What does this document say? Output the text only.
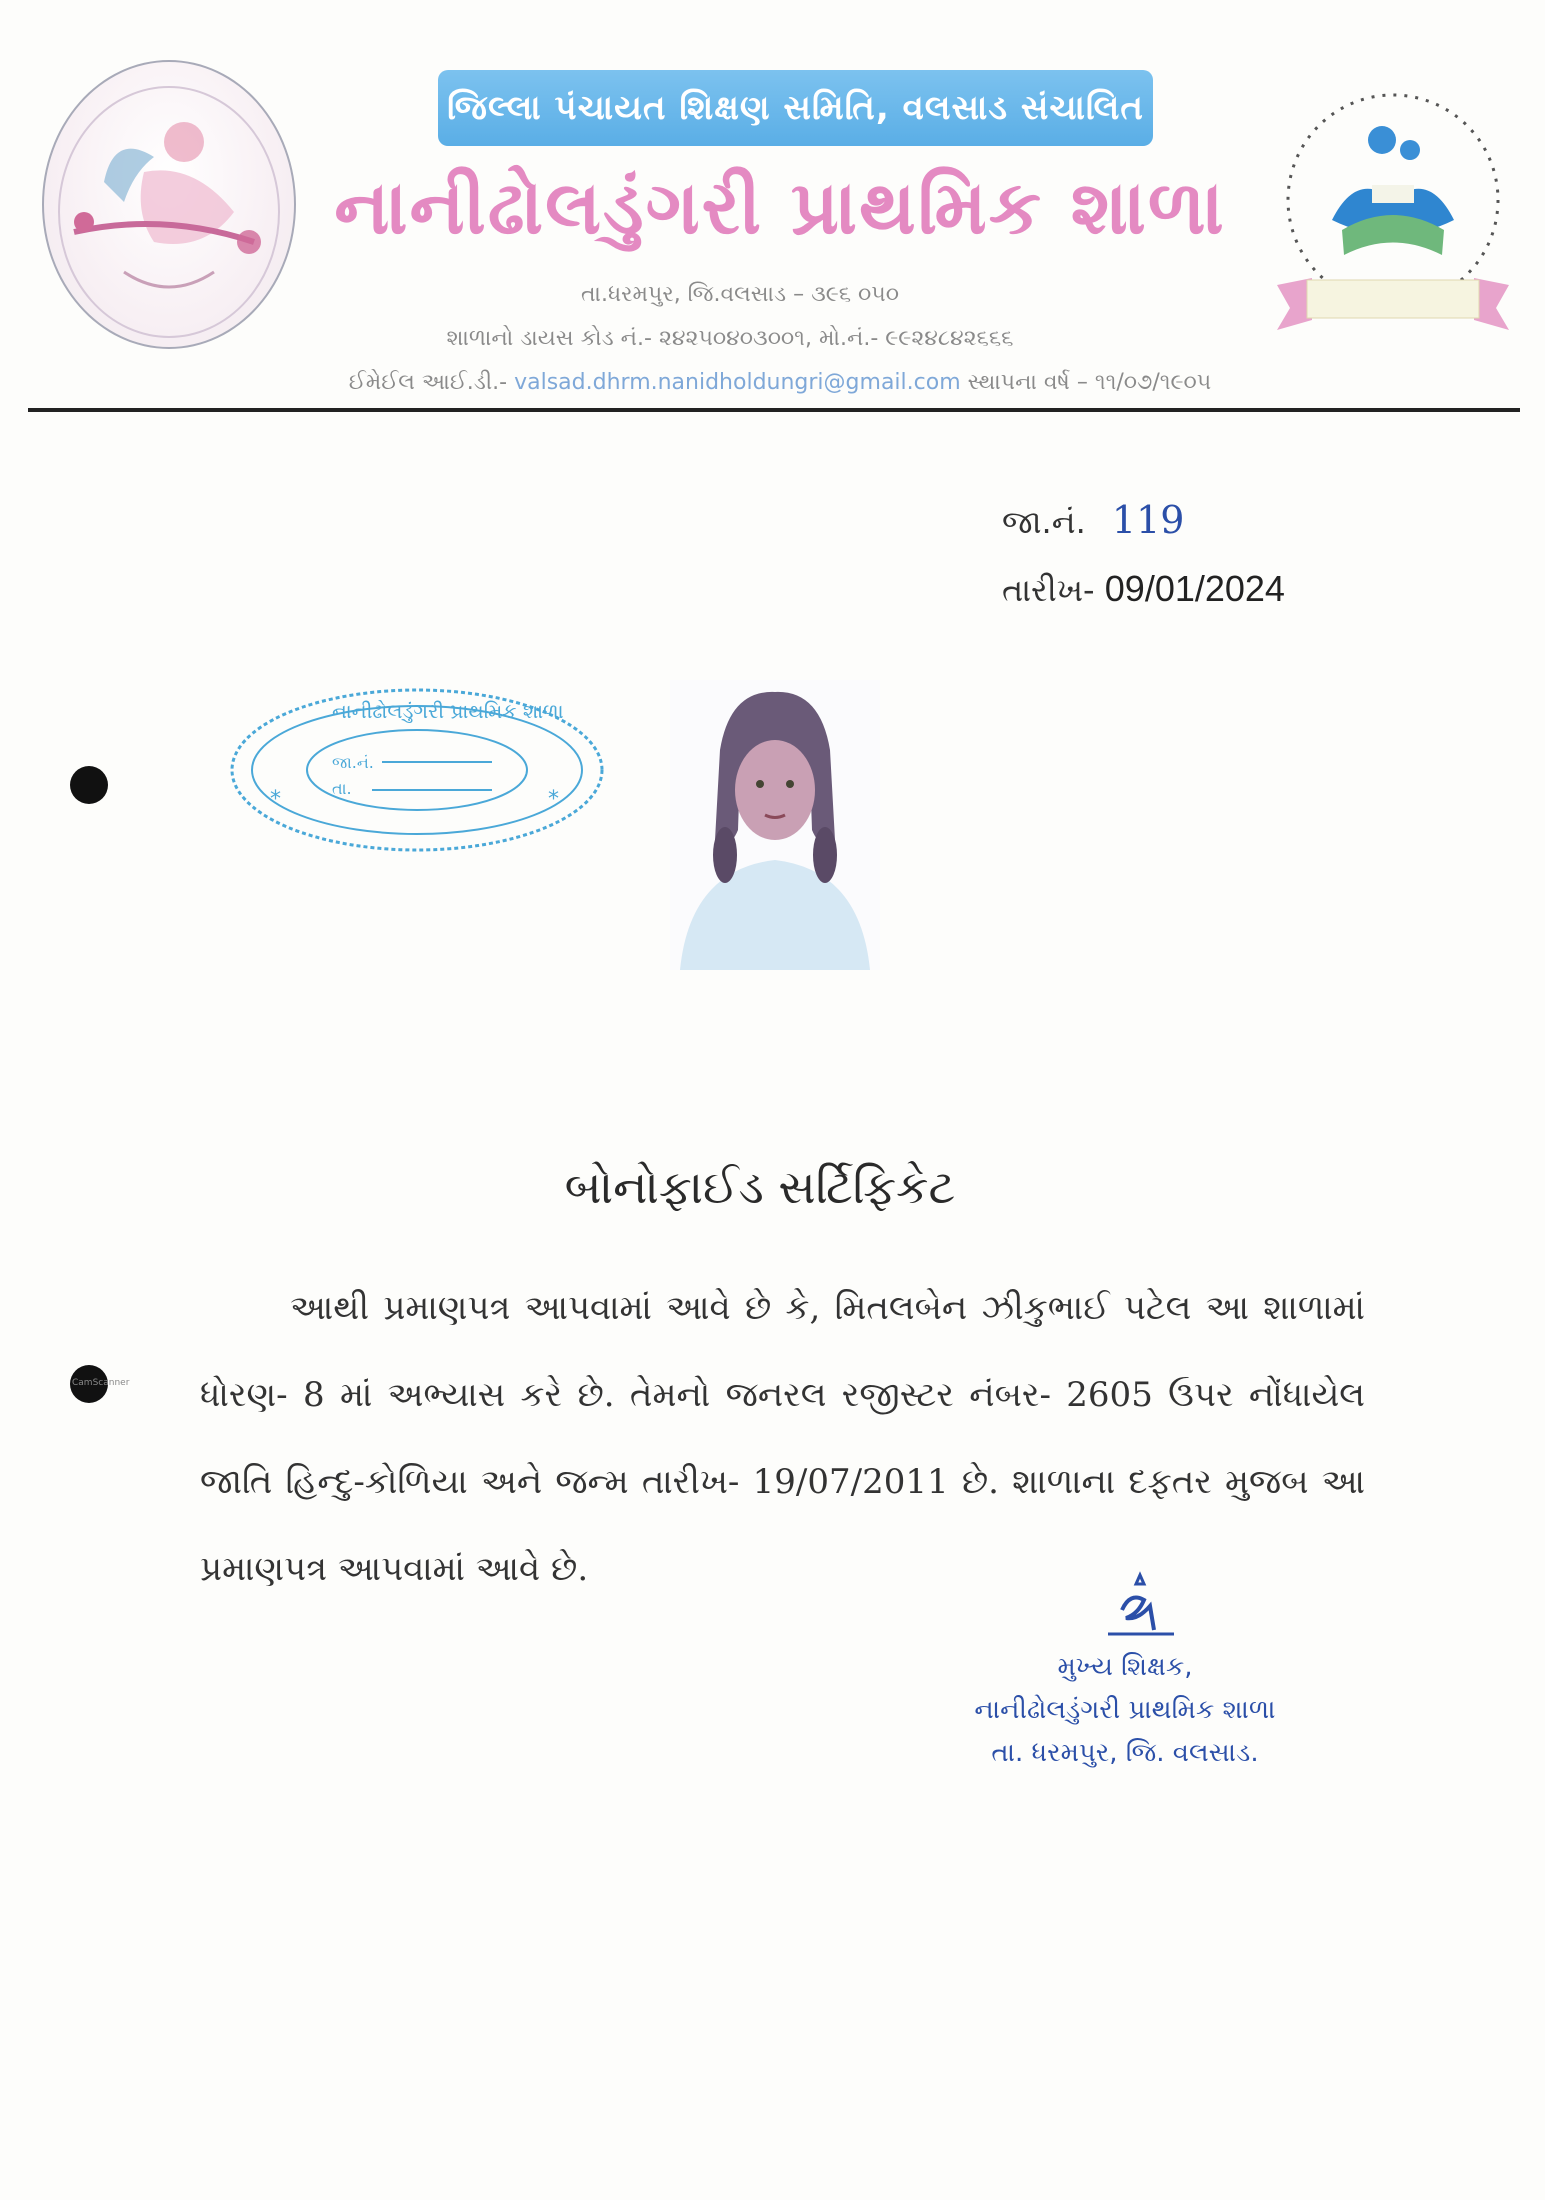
જિલ્લા પંચાયત શિક્ષણ સમિતિ, વલસાડ સંચાલિત
નાનીઢોલડુંગરી પ્રાથમિક શાળા
તા.ધરમપુર, જિ.વલસાડ – ૩૯૬ ૦૫૦
શાળાનો ડાયસ કોડ નં.- ૨૪૨૫૦૪૦૩૦૦૧, મો.નં.- ૯૯૨૪૮૪૨૬૬૬
ઈમેઈલ આઈ.ડી.- valsad.dhrm.nanidholdungri@gmail.com સ્થાપના વર્ષ – ૧૧/૦૭/૧૯૦૫
જા.નં. 119
તારીખ- 09/01/2024
*	*
નાનીઢોલડુંગરી પ્રાથમિક શાળા
જા.નં.
તા.
CamScanner
બોનોફાઈડ સર્ટિફિકેટ
આથી પ્રમાણપત્ર આપવામાં આવે છે કે, મિતલબેન ઝીકુભાઈ પટેલ આ શાળામાં ધોરણ- 8 માં અભ્યાસ કરે છે. તેમનો જનરલ રજીસ્ટર નંબર- 2605 ઉપર નોંધાયેલ જાતિ હિન્દુ-કોળિયા અને જન્મ તારીખ- 19/07/2011 છે. શાળાના દફતર મુજબ આ પ્રમાણપત્ર આપવામાં આવે છે.
મુખ્ય શિક્ષક,
નાનીઢોલડુંગરી પ્રાથમિક શાળા
તા. ધરમપુર, જિ. વલસાડ.
